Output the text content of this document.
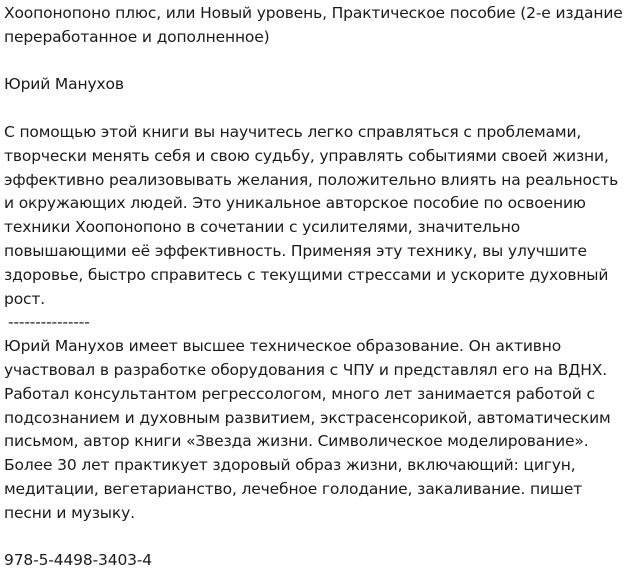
Хоопонопоно плюс, или Новый уровень, Практическое пособие (2-е издание переработанное и дополненное)

Юрий Манухов

С помощью этой книги вы научитесь легко справляться с проблемами, творчески менять себя и свою судьбу, управлять событиями своей жизни, эффективно реализовывать желания, положительно влиять на реальность и окружающих людей. Это уникальное авторское пособие по освоению техники Хоопонопоно в сочетании с усилителями, значительно повышающими её эффективность. Применяя эту технику, вы улучшите здоровье, быстро справитесь с текущими стрессами и ускорите духовный рост.

---------------

Юрий Манухов имеет высшее техническое образование. Он активно участвовал в разработке оборудования с ЧПУ и представлял его на ВДНХ. Работал консультантом регрессологом, много лет занимается работой с подсознанием и духовным развитием, экстрасенсорикой, автоматическим письмом, автор книги «Звезда жизни. Символическое моделирование». Более 30 лет практикует здоровый образ жизни, включающий: цигун, медитации, вегетарианство, лечебное голодание, закаливание. пишет песни и музыку.

978-5-4498-3403-4
